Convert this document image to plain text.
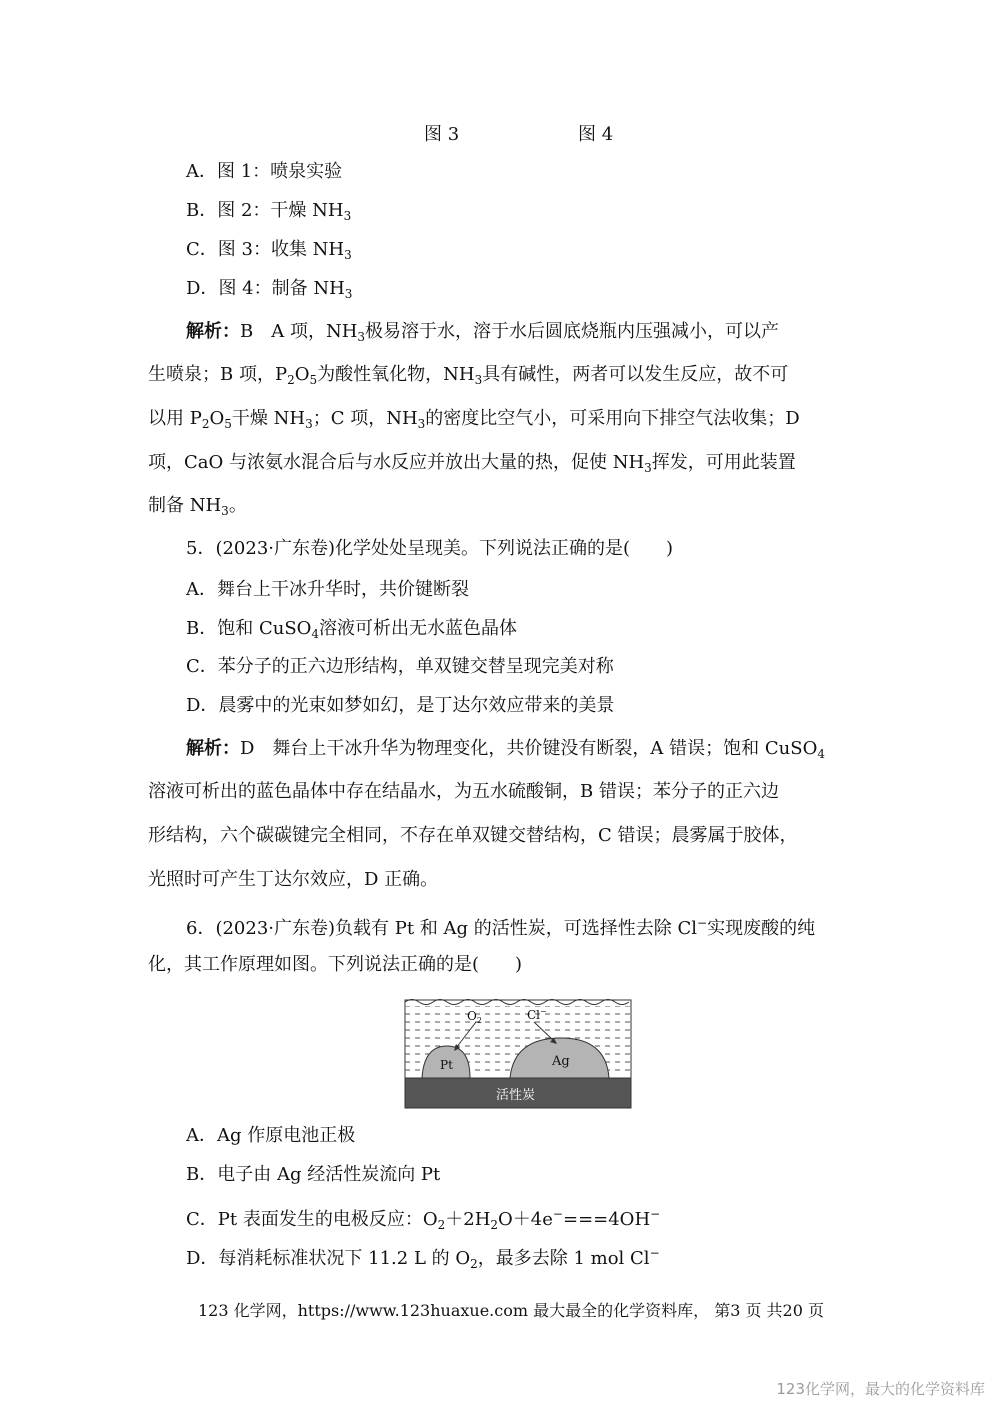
图 3	图 4
A．图 1：喷泉实验
B．图 2：干燥 $NH_3$
C．图 3：收集 $NH_3$
D．图 4：制备 $NH_3$
解析：B　A 项，$NH_3$极易溶于水，溶于水后圆底烧瓶内压强减小，可以产
生喷泉；B 项，$P_2O_5$为酸性氧化物，$NH_3$具有碱性，两者可以发生反应，故不可
以用 $P_2O_5$干燥 $NH_3$；C 项，$NH_3$的密度比空气小，可采用向下排空气法收集；D
项，CaO 与浓氨水混合后与水反应并放出大量的热，促使 $NH_3$挥发，可用此装置
制备 $NH_3$。
5．(2023·广东卷)化学处处呈现美。下列说法正确的是(　　)
A．舞台上干冰升华时，共价键断裂
B．饱和 CuSO$_4$溶液可析出无水蓝色晶体
C．苯分子的正六边形结构，单双键交替呈现完美对称
D．晨雾中的光束如梦如幻，是丁达尔效应带来的美景
解析：D　舞台上干冰升华为物理变化，共价键没有断裂，A 错误；饱和 CuSO$_4$
溶液可析出的蓝色晶体中存在结晶水，为五水硫酸铜，B 错误；苯分子的正六边
形结构，六个碳碳键完全相同，不存在单双键交替结构，C 错误；晨雾属于胶体，
光照时可产生丁达尔效应，D 正确。
6．(2023·广东卷)负载有 Pt 和 Ag 的活性炭，可选择性去除 Cl−实现废酸的纯
化，其工作原理如图。下列说法正确的是(　　)
$O_2$	Cl−
Pt	Ag
活性炭
A．Ag 作原电池正极
B．电子由 Ag 经活性炭流向 Pt
C．Pt 表面发生的电极反应：$O_2+2H_2O+4e^-===4OH^-$
D．每消耗标准状况下 11.2 L 的 $O_2$，最多去除 1 mol Cl−
123 化学网，https://www.123huaxue.com 最大最全的化学资料库， 第3 页 共20 页
123化学网，最大的化学资料库
